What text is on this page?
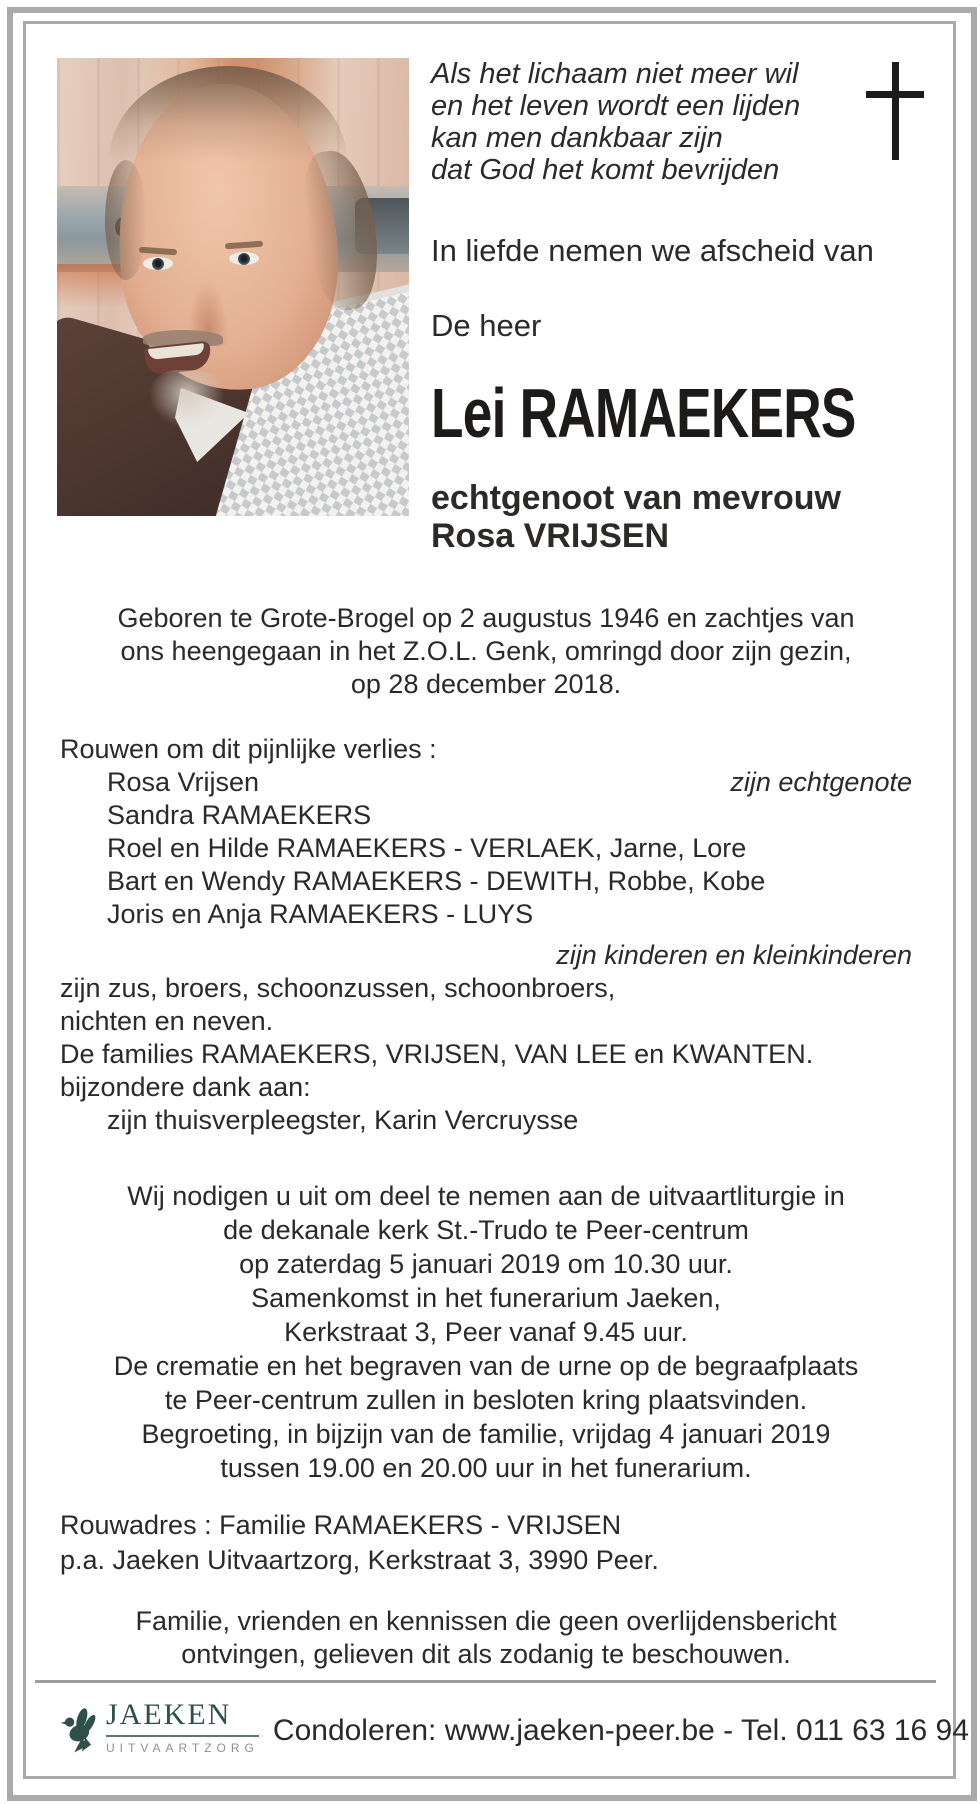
Als het lichaam niet meer wil
en het leven wordt een lijden
kan men dankbaar zijn
dat God het komt bevrijden
In liefde nemen we afscheid van
De heer
Lei RAMAEKERS
echtgenoot van mevrouw
Rosa VRIJSEN
Geboren te Grote-Brogel op 2 augustus 1946 en zachtjes van
ons heengegaan in het Z.O.L. Genk, omringd door zijn gezin,
op 28 december 2018.
Rouwen om dit pijnlijke verlies :
Rosa Vrijsen	zijn echtgenote
Sandra RAMAEKERS
Roel en Hilde RAMAEKERS - VERLAEK, Jarne, Lore
Bart en Wendy RAMAEKERS - DEWITH, Robbe, Kobe
Joris en Anja RAMAEKERS - LUYS
zijn kinderen en kleinkinderen
zijn zus, broers, schoonzussen, schoonbroers,
nichten en neven.
De families RAMAEKERS, VRIJSEN, VAN LEE en KWANTEN.
bijzondere dank aan:
zijn thuisverpleegster, Karin Vercruysse
Wij nodigen u uit om deel te nemen aan de uitvaartliturgie in
de dekanale kerk St.-Trudo te Peer-centrum
op zaterdag 5 januari 2019 om 10.30 uur.
Samenkomst in het funerarium Jaeken,
Kerkstraat 3, Peer vanaf 9.45 uur.
De crematie en het begraven van de urne op de begraafplaats
te Peer-centrum zullen in besloten kring plaatsvinden.
Begroeting, in bijzijn van de familie, vrijdag 4 januari 2019
tussen 19.00 en 20.00 uur in het funerarium.
Rouwadres : Familie RAMAEKERS - VRIJSEN
p.a. Jaeken Uitvaartzorg, Kerkstraat 3, 3990 Peer.
Familie, vrienden en kennissen die geen overlijdensbericht
ontvingen, gelieven dit als zodanig te beschouwen.
JAEKEN
UITVAARTZORG
Condoleren: www.jaeken-peer.be - Tel. 011 63 16 94
